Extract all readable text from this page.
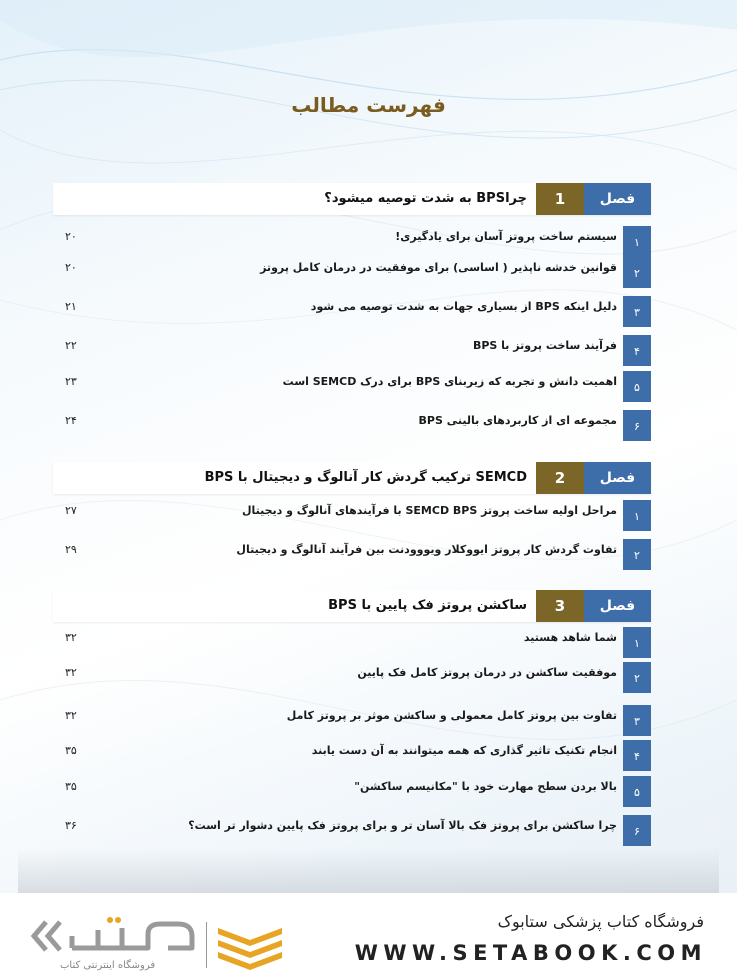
فهرست مطالب
فصل
1
چراBPS به شدت توصیه میشود؟
۱
سیستم ساخت پروتز آسان برای یادگیری!
۲۰
۲
قوانین خدشه ناپذیر ( اساسی) برای موفقیت در درمان کامل پروتز
۲۰
۳
دلیل اینکه BPS از بسیاری جهات به شدت توصیه می شود
۲۱
۴
فرآیند ساخت پروتز با BPS
۲۲
۵
اهمیت دانش و تجربه که زیربنای BPS برای درک SEMCD است
۲۳
۶
مجموعه ای از کاربردهای بالینی BPS
۲۴
فصل
2
SEMCD ترکیب گردش کار آنالوگ و دیجیتال با BPS
۱
مراحل اولیه ساخت پروتز SEMCD BPS با فرآیندهای آنالوگ و دیجیتال
۲۷
۲
تفاوت گردش کار پروتز ایووکلار ویووودنت بین فرآیند آنالوگ و دیجیتال
۲۹
فصل
3
ساکشن پروتز فک پایین با BPS
۱
شما شاهد هستید
۳۲
۲
موفقیت ساکشن در درمان پروتز کامل فک پایین
۳۲
۳
تفاوت بین پروتز کامل معمولی و ساکشن موثر بر پروتز کامل
۳۲
۴
انجام تکنیک تاثیر گذاری که همه میتوانند به آن دست یابند
۳۵
۵
بالا بردن سطح مهارت خود با "مکانیسم ساکشن"
۳۵
۶
چرا ساکشن برای پروتز فک بالا آسان تر و برای پروتز فک پایین دشوار تر است؟
۳۶
فروشگاه اینترنتی کتاب
فروشگاه کتاب پزشکی ستابوک
WWW.SETABOOK.COM
